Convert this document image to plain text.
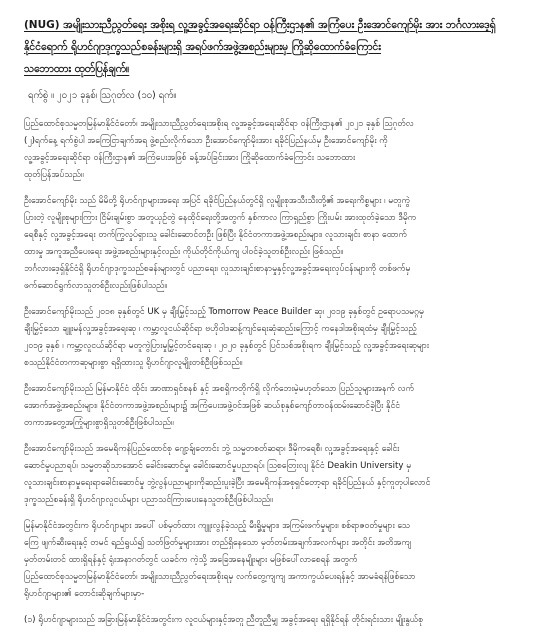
(NUG) အမျိုးသားညီညွတ်ရေး အစိုးရ လူ့အခွင့်အရေးဆိုင်ရာ ဝန်ကြီးဌာန၏ အကြံပေး ဦးအောင်ကျော်မိုး အား ဘင်္ဂလားဒေ့ရှ်
နိုင်ငံရောက် ရိုဟင်ဂျာဒုက္ခသည်စခန်းများရှိ အရပ်ဖက်အဖွဲ့အစည်းများမှ ကြိုဆိုထောက်ခံကြောင်း
သဘောထား ထုတ်ပြန်ချက်။
ရက်စွဲ ။ ၂၀၂၁ ခုနှစ်၊ ဩဂုတ်လ (၁၀) ရက်။

ပြည်ထောင်စုသမ္မတမြန်မာနိုင်ငံတော်၊ အမျိုးသားညီညွတ်ရေးအစိုးရ လူ့အခွင့်အရေးဆိုင်ရာ ဝန်ကြီးဌာန၏ ၂၀၂၁ ခုနှစ် ဩဂုတ်လ
(၂)ရက်နေ့ ရက်စွဲပါ အကြေငြာချက်အရ ဖွဲ့စည်းလိုက်သော ဦးအောင်ကျော်မိုးအား ရခိုင်ပြည်နယ်မှ ဦးအောင်ကျော်မိုး ကို
လူ့အခွင့်အရေးဆိုင်ရာ ဝန်ကြီးဌာန၏ အကြံပေးအဖြစ် ခန့်အပ်ခြင်းအား ကြိုဆိုထောက်ခံကြောင်း သဘောထား
ထုတ်ပြန်အပ်သည်။

ဦးအောင်ကျော်မိုး သည် မိမိတို့ ရိုဟင်ဂျာများအရေး အပြင် ရခိုင်ပြည်နယ်တွင်ရှိ လူမျိုးစုအသီးသီးတို့၏ အရေးကိစ္စများ ၊ မတူကွဲ
ပြားတဲ့ လူမျိုးစုများကြား ငြိမ်းချမ်းစွာ အတူယှဉ်တွဲ နေထိုင်ရေးတို့အတွက် နှစ်ကာလ ကြာရှည်စွာ ကြိုးပမ်း အားထုတ်ခဲ့သော ဒီမိုက
ရေစီနှင့် လူ့အခွင့်အရေး တက်ကြွလှုပ်ရှားသူ ခေါင်းဆောင်တဦး ဖြစ်ပြီး နိုင်ငံတကာအဖွဲ့အစည်းများ၊ လူသားချင်း စာနာ ထောက်
ထားမှု အကူအညီပေးရေး အဖွဲ့အစည်းများနှင့်လည်း ကိုယ်တိုင်ကိုယ်ကျ ပါဝင်ခဲ့သူတစ်ဦးလည်း ဖြစ်သည်။
ဘင်္ဂလားဒေ့ရှ်နိုင်ငံရှိ ရိုဟင်ဂျာဒုက္ခသည်စခန်းများတွင် ပညာရေး၊ လူသားချင်းစာနာမှုနှင့်လူ့အခွင့်အရေးလုပ်ငန်းများကို တစ်ဖက်မှ
ဖက်ဆောင်ရွက်လာသူတစ်ဦးလည်းဖြစ်ပါသည်။

ဦးအောင်ကျော်မိုးသည် ၂၀၁၈ ခုနှစ်တွင် UK မှ ချီးမြှင့်သည့် Tomorrow Peace Builder ဆု၊ ၂၀၁၉ ခုနှစ်တွင် ဥရောပသမဂ္ဂမှ
ချီးမြှင့်သော ချူးမန်လူ့အခွင့်အရေးဆု ၊ ကမ္ဘာ့လူငယ်ဆိုင်ရာ ဗဟိုဝါဒဆန့်ကျင်ရေးဆုံဆည်းကြောင့် ကနေဒါအစိုးရထံမှ ချီးမြှင့်သည့်
၂၀၁၉ ခုနှစ် ၊ ကမ္ဘာ့လူငယ်ဆိုင်ရာ မတူကွဲပြားမှုမြှင့်တင်ရေးဆု ၊ ၂၀၂၀ ခုနှစ်တွင် ပြင်သစ်အစိုးရက ချီးမြှင့်သည့် လူ့အခွင့်အရေးဆုများ
စသည်နိုင်ငံတကာဆုများစွာ ရရှိထားသူ ရိုဟင်ဂျာလူမျိုးတစ်ဦးဖြစ်သည်။

ဦးအောင်ကျော်မိုးသည် မြန်မာနိုင်ငံ ထိုင်း အာဏာရှင်စနစ် နှင့် အစရှိကတိုက်ရှိ လိုက်ဘေးမဲ့မဟုတ်သော ပြည်သူများအနက် လက်
အောက်အဖွဲ့အစည်းများ၊ နိုင်ငံတကာအဖွဲ့အစည်းများ၌ အကြံပေးအဖွဲ့ဝင်အဖြစ် ဆယ်စုနှစ်ကျော်တာဝန်ထမ်းဆောင်ခဲ့ပြီး နိုင်ငံ
တကာအတွေ့အကြုံများစွာရှိသူတစ်ဦးဖြစ်ပါသည်။

ဦးအောင်ကျော်မိုးသည် အမေရိကန်ပြည်ထောင်စု ဂျော့ခ်ျတောင်း ဘွဲ့ သမ္မတစတ်ဆရာ၊ ဒီမိုကရေစီ၊ လူ့အခွင့်အရေးနှင့် ခေါင်း
ဆောင်မှုပညာရပ်၊ သမ္မတဆိုသာအောင် ခေါင်းဆောင်မှု၊ ခေါင်းဆောင်မှုပညာရပ်၊ ဩစတြေးလျ နိုင်ငံ Deakin University မှ
လူသားချင်းစာနာမှုရေးရာခေါင်းဆောင်မှု ဘွဲ့လွန်ပညာများကိုဆည်းပူးခဲ့ပြီး အမေရိကန်အစုရှင်တော့ရာ ရခိုင်ပြည်နယ် နှင့်ကူတုပါလောင်
ဒုက္ခသည်စခန်းရှိ ရိုဟင်ဂျာလူငယ်များ ပညာသင်ကြားပေးနေသူတစ်ဦးဖြစ်ပါသည်။

မြန်မာနိုင်ငံအတွင်းက ရိုဟင်ဂျာများ အပေါ် ပစ်မှတ်ထား ကျူးလွန်ခဲ့သည့် မီးရှို့မှုများ၊ အကြမ်းဖက်မှုများ၊ စစ်ရာဇဝတ်မှုများ သေ
ကြေ ဖျက်ဆီးရေးနှင့် တမင် ရည်ရွယ်၍ သတ်ဖြတ်မှုများအား တည်ရှိနေသော မှတ်တမ်းအချက်အလက်များ အတိုင်း အတိအကျ
မှတ်တမ်းတင် ထားရှိရန်နှင့် ရုံးအနာဂတ်တွင် ယခင်က ကဲ့သို့ အခြေအနေမျိုးများ မဖြစ်ပေါ်လာစေရန် အတွက်
ပြည်ထောင်စုသမ္မတမြန်မာနိုင်ငံတော်၊ အမျိုးသားညီညွတ်ရေးအစိုးရမှ လက်တွေ့ကျကျ အကာကွယ်ပေးရန်နှင့် အာမခံရန်ဖြစ်သော
ရိုဟင်ဂျာများ၏ တောင်းဆိုချက်များမှာ-

(၁) ရိုဟင်ဂျာများသည် အခြားမြန်မာနိုင်ငံအတွင်းက လူငယ်များနှင့်အတူ ညီတူညီမျှ အခွင့်အရေး ရရှိနိုင်ရန် တိုင်းရင်းသား မျိုးနွယ်စု
